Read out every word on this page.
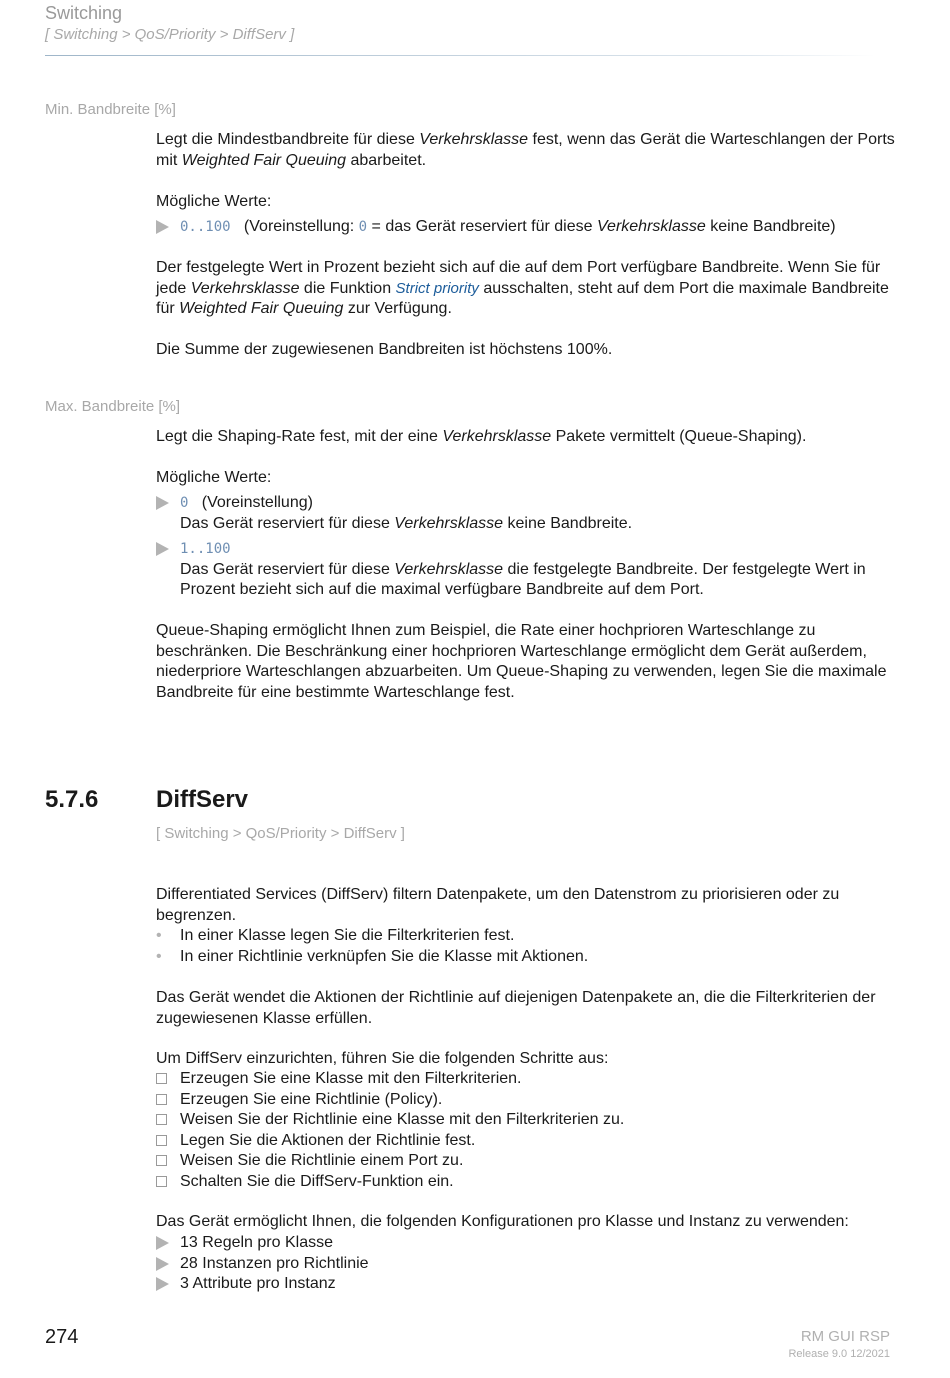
Switching
[ Switching > QoS/Priority > DiffServ ]
Min. Bandbreite [%]
Legt die Mindestbandbreite für diese Verkehrsklasse fest, wenn das Gerät die Warteschlangen der Ports mit Weighted Fair Queuing abarbeitet.
Mögliche Werte:
0..100 (Voreinstellung: 0 = das Gerät reserviert für diese Verkehrsklasse keine Bandbreite)
Der festgelegte Wert in Prozent bezieht sich auf die auf dem Port verfügbare Bandbreite. Wenn Sie für jede Verkehrsklasse die Funktion Strict priority ausschalten, steht auf dem Port die maximale Bandbreite für Weighted Fair Queuing zur Verfügung.
Die Summe der zugewiesenen Bandbreiten ist höchstens 100%.
Max. Bandbreite [%]
Legt die Shaping-Rate fest, mit der eine Verkehrsklasse Pakete vermittelt (Queue-Shaping).
Mögliche Werte:
0 (Voreinstellung)
Das Gerät reserviert für diese Verkehrsklasse keine Bandbreite.
1..100
Das Gerät reserviert für diese Verkehrsklasse die festgelegte Bandbreite. Der festgelegte Wert in Prozent bezieht sich auf die maximal verfügbare Bandbreite auf dem Port.
Queue-Shaping ermöglicht Ihnen zum Beispiel, die Rate einer hochprioren Warteschlange zu beschränken. Die Beschränkung einer hochprioren Warteschlange ermöglicht dem Gerät außerdem, niederpriore Warteschlangen abzuarbeiten. Um Queue-Shaping zu verwenden, legen Sie die maximale Bandbreite für eine bestimmte Warteschlange fest.
5.7.6 DiffServ
[ Switching > QoS/Priority > DiffServ ]
Differentiated Services (DiffServ) filtern Datenpakete, um den Datenstrom zu priorisieren oder zu begrenzen.
• In einer Klasse legen Sie die Filterkriterien fest.
• In einer Richtlinie verknüpfen Sie die Klasse mit Aktionen.
Das Gerät wendet die Aktionen der Richtlinie auf diejenigen Datenpakete an, die die Filterkriterien der zugewiesenen Klasse erfüllen.
Um DiffServ einzurichten, führen Sie die folgenden Schritte aus:
Erzeugen Sie eine Klasse mit den Filterkriterien.
Erzeugen Sie eine Richtlinie (Policy).
Weisen Sie der Richtlinie eine Klasse mit den Filterkriterien zu.
Legen Sie die Aktionen der Richtlinie fest.
Weisen Sie die Richtlinie einem Port zu.
Schalten Sie die DiffServ-Funktion ein.
Das Gerät ermöglicht Ihnen, die folgenden Konfigurationen pro Klasse und Instanz zu verwenden:
13 Regeln pro Klasse
28 Instanzen pro Richtlinie
3 Attribute pro Instanz
274	RM GUI RSP
Release 9.0 12/2021
